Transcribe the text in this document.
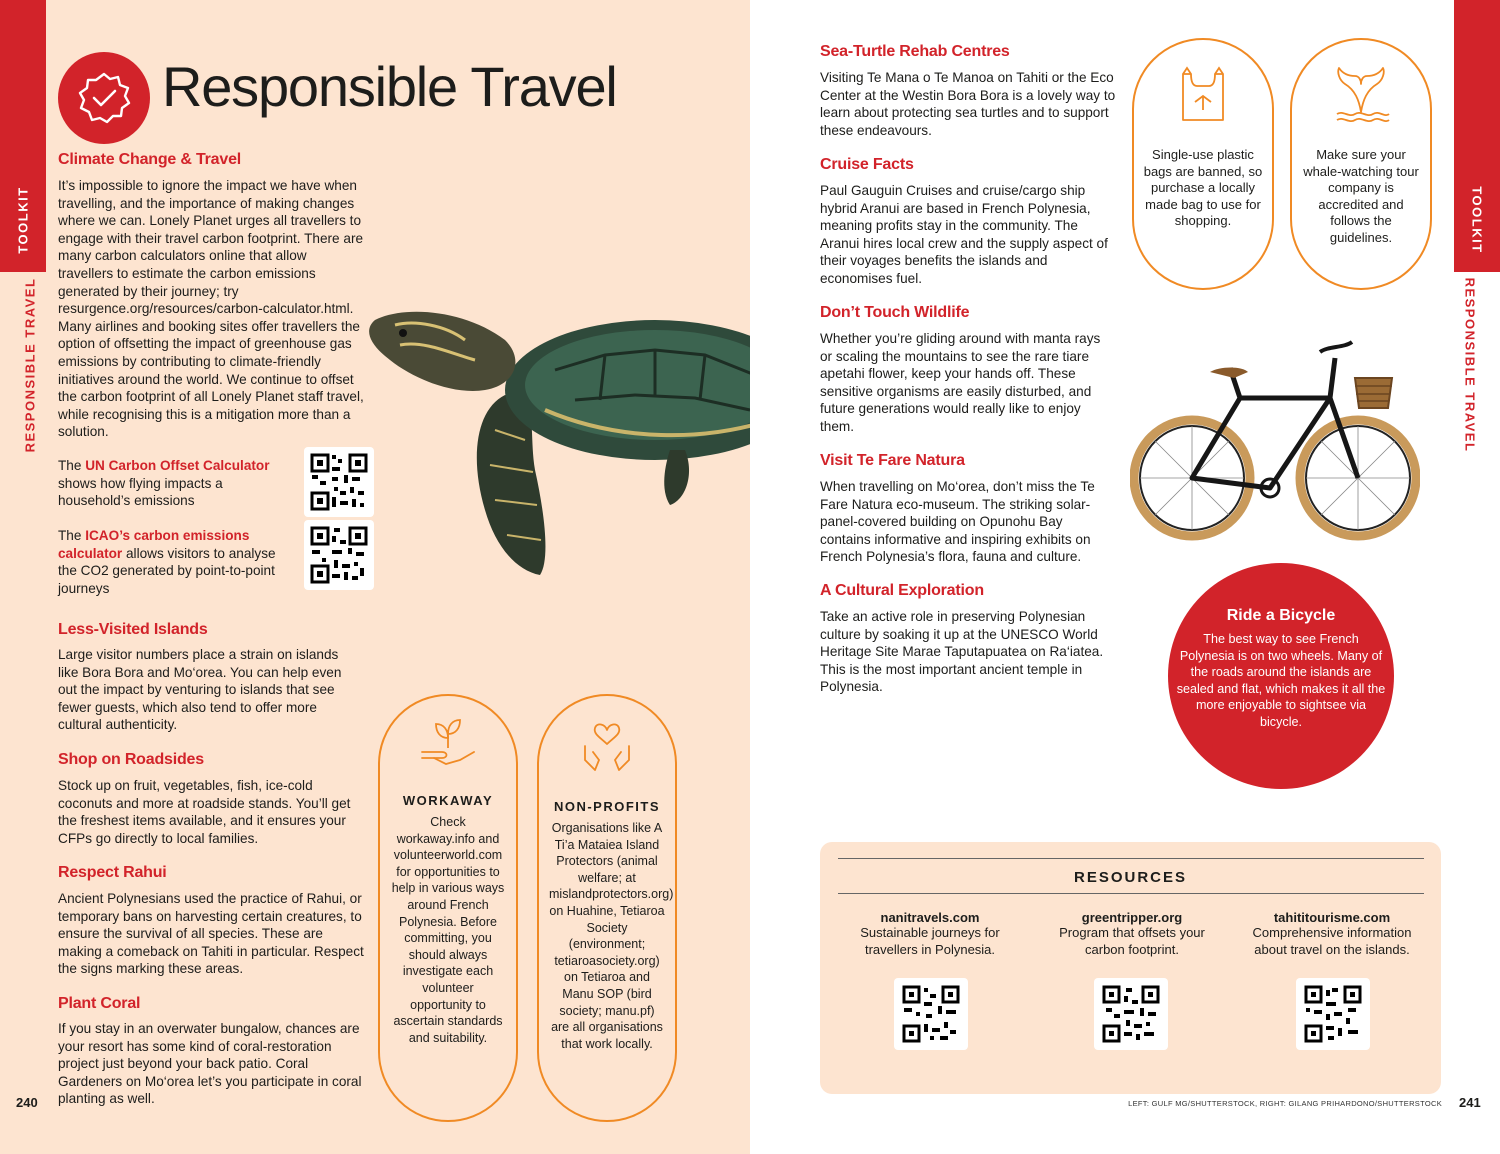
TOOLKIT
RESPONSIBLE TRAVEL
Responsible Travel
Climate Change & Travel
It’s impossible to ignore the impact we have when travelling, and the importance of making changes where we can. Lonely Planet urges all travellers to engage with their travel carbon footprint. There are many carbon calculators online that allow travellers to estimate the carbon emissions generated by their journey; try resurgence.org/resources/carbon-calculator.html. Many airlines and booking sites offer travellers the option of offsetting the impact of greenhouse gas emissions by contributing to climate-friendly initiatives around the world. We continue to offset the carbon footprint of all Lonely Planet staff travel, while recognising this is a mitigation more than a solution.
The UN Carbon Offset Calculator shows how flying impacts a household’s emissions
The ICAO’s carbon emissions calculator allows visitors to analyse the CO2 generated by point-to-point journeys
Less-Visited Islands
Large visitor numbers place a strain on islands like Bora Bora and Mo‘orea. You can help even out the impact by venturing to islands that see fewer guests, which also tend to offer more cultural authenticity.
Shop on Roadsides
Stock up on fruit, vegetables, fish, ice-cold coconuts and more at roadside stands. You’ll get the freshest items available, and it ensures your CFPs go directly to local families.
Respect Rahui
Ancient Polynesians used the practice of Rahui, or temporary bans on harvesting certain creatures, to ensure the survival of all species. These are making a comeback on Tahiti in particular. Respect the signs marking these areas.
Plant Coral
If you stay in an overwater bungalow, chances are your resort has some kind of coral-restoration project just beyond your back patio. Coral Gardeners on Mo‘orea let’s you participate in coral planting as well.
WORKAWAY
Check workaway.info and volunteerworld.com for opportunities to help in various ways around French Polynesia. Before committing, you should always investigate each volunteer opportunity to ascertain standards and suitability.
NON-PROFITS
Organisations like A Ti’a Mataiea Island Protectors (animal welfare; at mislandprotectors.org) on Huahine, Tetiaroa Society (environment; tetiaroasociety.org) on Tetiaroa and Manu SOP (bird society; manu.pf) are all organisations that work locally.
240
TOOLKIT
RESPONSIBLE TRAVEL
Sea-Turtle Rehab Centres
Visiting Te Mana o Te Manoa on Tahiti or the Eco Center at the Westin Bora Bora is a lovely way to learn about protecting sea turtles and to support these endeavours.
Cruise Facts
Paul Gauguin Cruises and cruise/cargo ship hybrid Aranui are based in French Polynesia, meaning profits stay in the community. The Aranui hires local crew and the supply aspect of their voyages benefits the islands and economises fuel.
Don’t Touch Wildlife
Whether you’re gliding around with manta rays or scaling the mountains to see the rare tiare apetahi flower, keep your hands off. These sensitive organisms are easily disturbed, and future generations would really like to enjoy them.
Visit Te Fare Natura
When travelling on Mo‘orea, don’t miss the Te Fare Natura eco-museum. The striking solar-panel-covered building on Opunohu Bay contains informative and inspiring exhibits on French Polynesia’s flora, fauna and culture.
A Cultural Exploration
Take an active role in preserving Polynesian culture by soaking it up at the UNESCO World Heritage Site Marae Taputapuatea on Ra‘iatea. This is the most important ancient temple in Polynesia.
Single-use plastic bags are banned, so purchase a locally made bag to use for shopping.
Make sure your whale-watching tour company is accredited and follows the guidelines.
Ride a Bicycle
The best way to see French Polynesia is on two wheels. Many of the roads around the islands are sealed and flat, which makes it all the more enjoyable to sightsee via bicycle.
RESOURCES
nanitravels.com
Sustainable journeys for travellers in Polynesia.
greentripper.org
Program that offsets your carbon footprint.
tahititourisme.com
Comprehensive information about travel on the islands.
LEFT: GULF MG/SHUTTERSTOCK, RIGHT: GILANG PRIHARDONO/SHUTTERSTOCK 241
